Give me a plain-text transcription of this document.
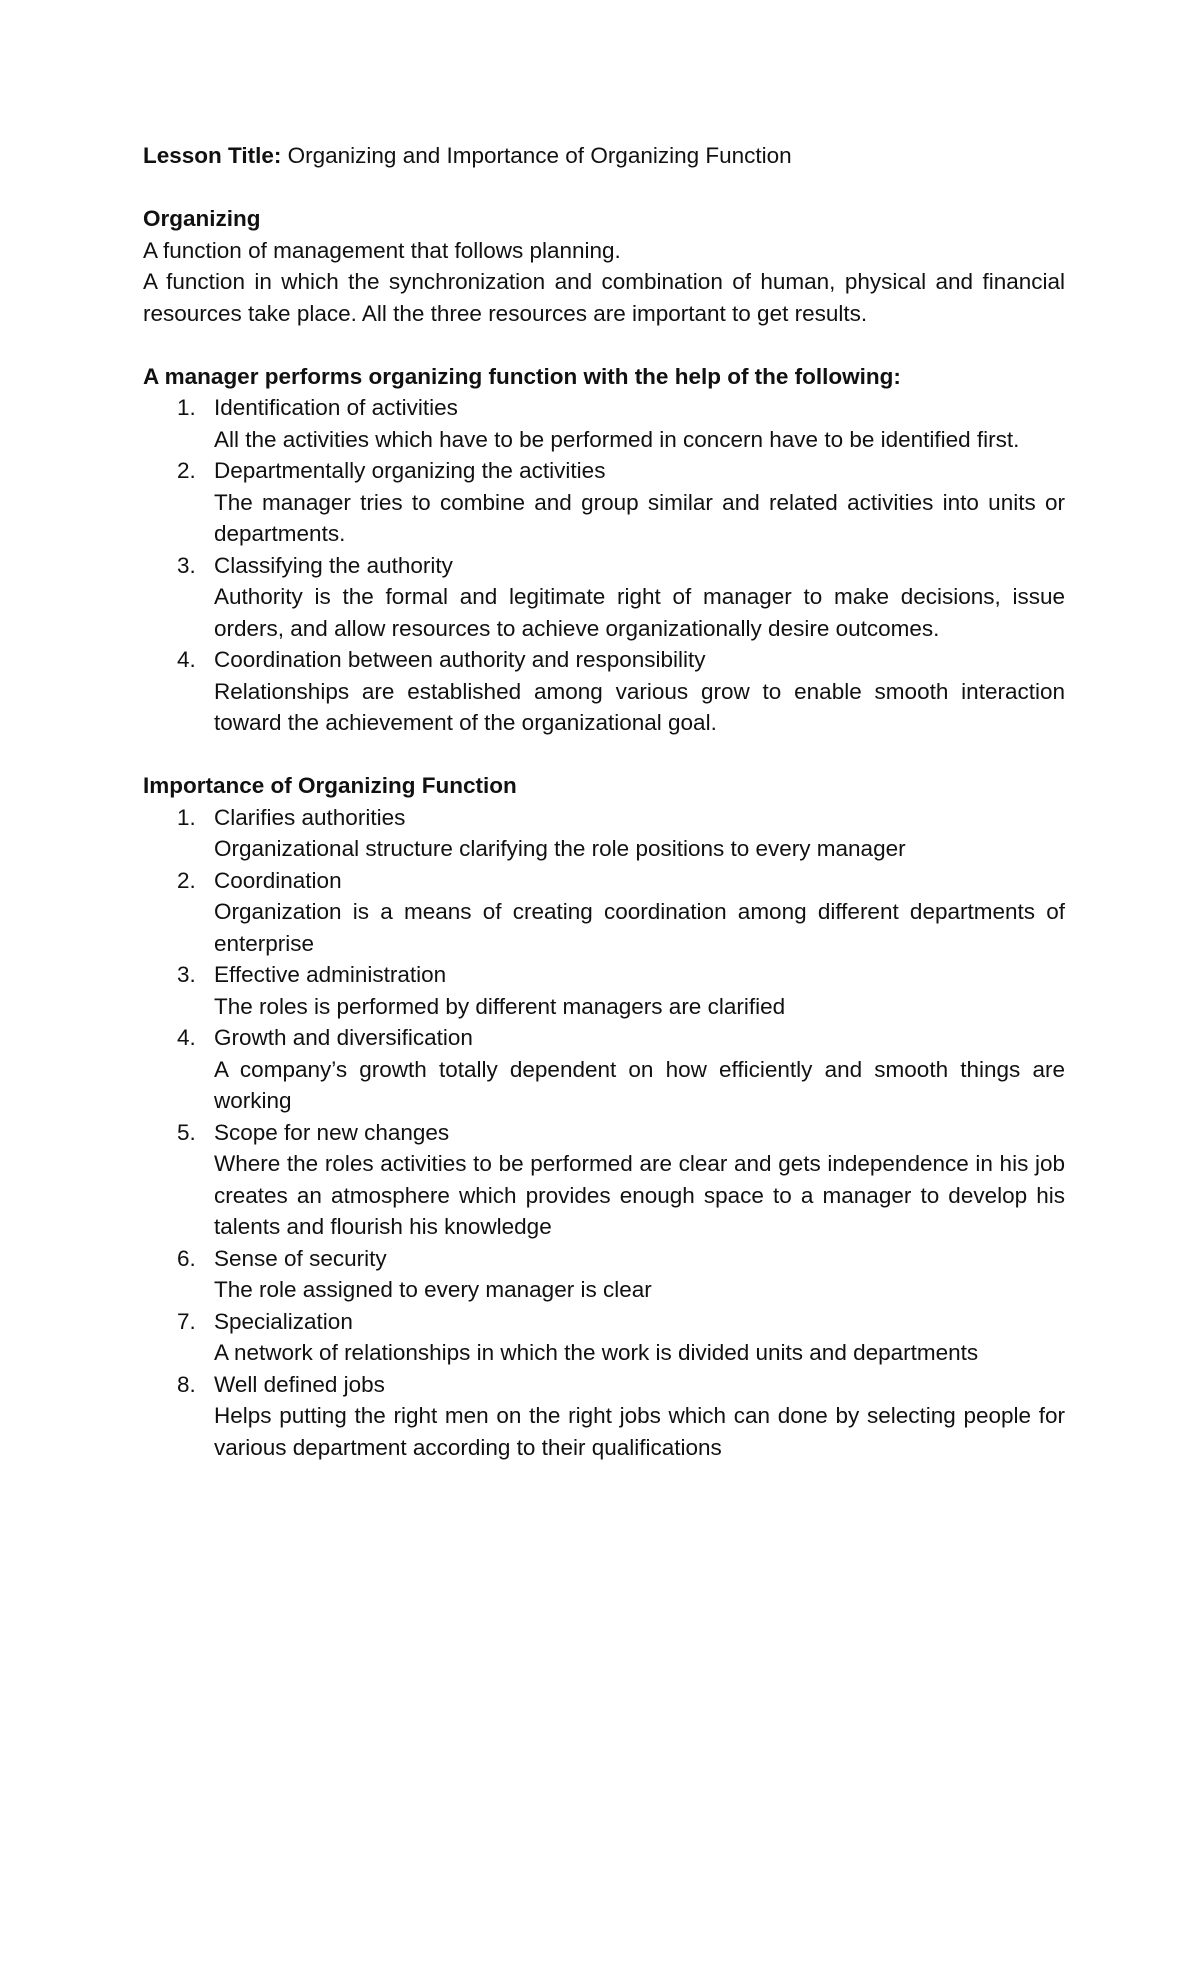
Lesson Title: Organizing and Importance of Organizing Function

Organizing

A function of management that follows planning.

A function in which the synchronization and combination of human, physical and financial resources take place. All the three resources are important to get results.

A manager performs organizing function with the help of the following:

1. Identification of activities
All the activities which have to be performed in concern have to be identified first.
2. Departmentally organizing the activities
The manager tries to combine and group similar and related activities into units or departments.
3. Classifying the authority
Authority is the formal and legitimate right of manager to make decisions, issue orders, and allow resources to achieve organizationally desire outcomes.
4. Coordination between authority and responsibility
Relationships are established among various grow to enable smooth interaction toward the achievement of the organizational goal.

Importance of Organizing Function

1. Clarifies authorities
Organizational structure clarifying the role positions to every manager
2. Coordination
Organization is a means of creating coordination among different departments of enterprise
3. Effective administration
The roles is performed by different managers are clarified
4. Growth and diversification
A company’s growth totally dependent on how efficiently and smooth things are working
5. Scope for new changes
Where the roles activities to be performed are clear and gets independence in his job creates an atmosphere which provides enough space to a manager to develop his talents and flourish his knowledge
6. Sense of security
The role assigned to every manager is clear
7. Specialization
A network of relationships in which the work is divided units and departments
8. Well defined jobs
Helps putting the right men on the right jobs which can done by selecting people for various department according to their qualifications
